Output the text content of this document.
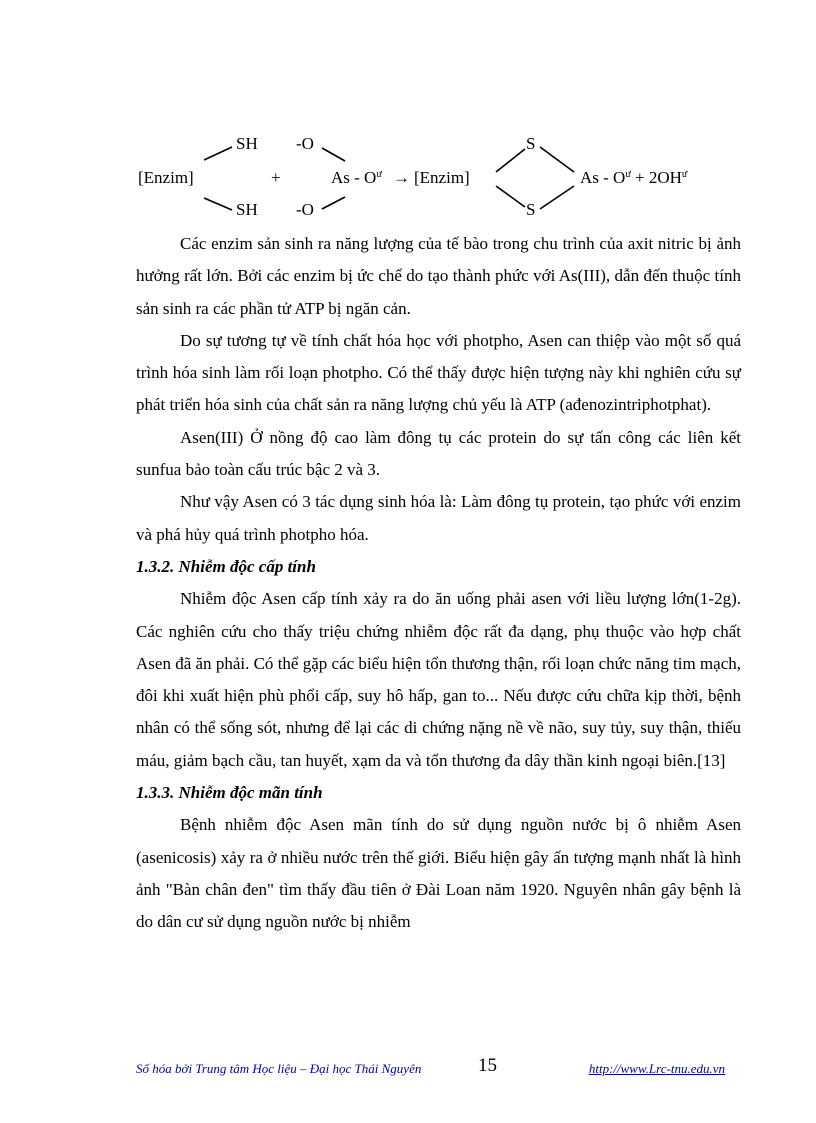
[Enzim]
SH
SH
+
-O
-O
As - $O^ư$ → [Enzim]
S
S
$As - O^ư + 2OH^ư$

Các enzim sản sinh ra năng lượng của tế bào trong chu trình của axit nitric bị ảnh hưởng rất lớn. Bởi các enzim bị ức chế do tạo thành phức với As(III), dẫn đến thuộc tính sản sinh ra các phần tử ATP bị ngăn cản.

Do sự tương tự về tính chất hóa học với photpho, Asen can thiệp vào một số quá trình hóa sinh làm rối loạn photpho. Có thể thấy được hiện tượng này khi nghiên cứu sự phát triển hóa sinh của chất sản ra năng lượng chủ yếu là ATP (ađenozintriphotphat).

Asen(III) Ở nồng độ cao làm đông tụ các protein do sự tấn công các liên kết sunfua bảo toàn cấu trúc bậc 2 và 3.

Như vậy Asen có 3 tác dụng sinh hóa là: Làm đông tụ protein, tạo phức với enzim và phá hủy quá trình photpho hóa.

1.3.2. Nhiễm độc cấp tính

Nhiễm độc Asen cấp tính xảy ra do ăn uống phải asen với liều lượng lớn(1-2g). Các nghiên cứu cho thấy triệu chứng nhiễm độc rất đa dạng, phụ thuộc vào hợp chất Asen đã ăn phải. Có thể gặp các biểu hiện tổn thương thận, rối loạn chức năng tim mạch, đôi khi xuất hiện phù phổi cấp, suy hô hấp, gan to... Nếu được cứu chữa kịp thời, bệnh nhân có thể sống sót, nhưng để lại các di chứng nặng nề về não, suy tủy, suy thận, thiếu máu, giảm bạch cầu, tan huyết, xạm da và tổn thương đa dây thần kinh ngoại biên.[13]

1.3.3. Nhiễm độc mãn tính

Bệnh nhiễm độc Asen mãn tính do sử dụng nguồn nước bị ô nhiễm Asen (asenicosis) xảy ra ở nhiều nước trên thế giới. Biểu hiện gây ấn tượng mạnh nhất là hình ảnh "Bàn chân đen" tìm thấy đầu tiên ở Đài Loan năm 1920. Nguyên nhân gây bệnh là do dân cư sử dụng nguồn nước bị nhiễm

Số hóa bởi Trung tâm Học liệu – Đại học Thái Nguyên	15	http://www.Lrc-tnu.edu.vn
